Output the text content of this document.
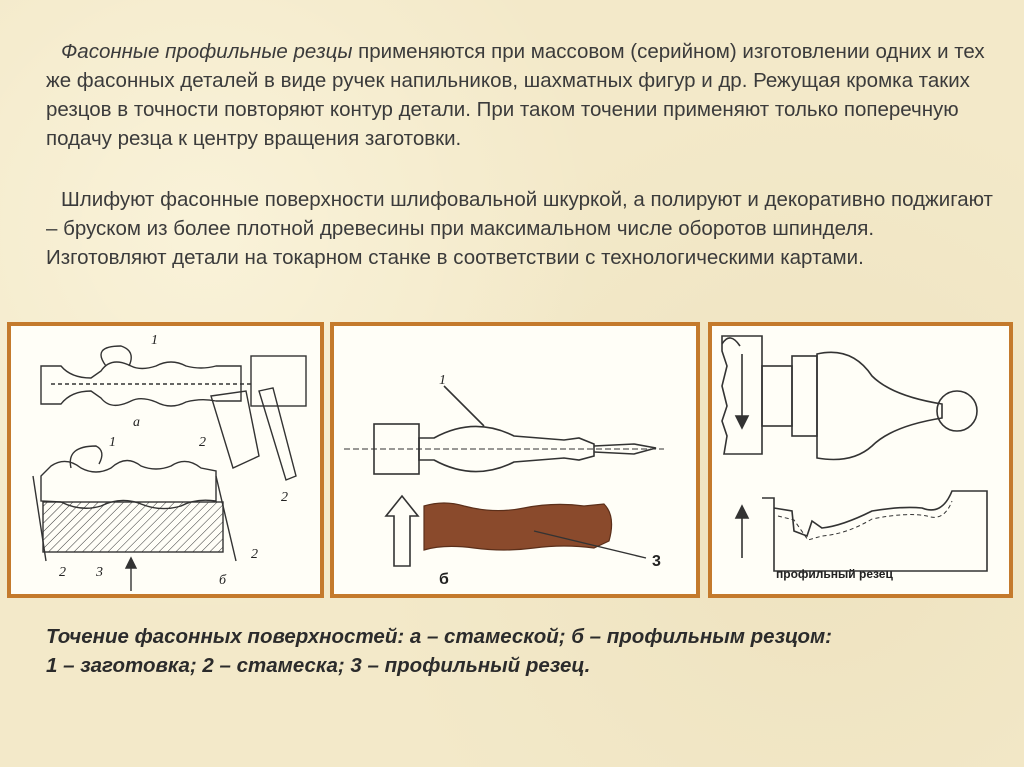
Фасонные профильные резцы применяются при массовом (серийном) изготовлении одних и тех же фасонных деталей в виде ручек напильников, шахматных фигур и др. Режущая кромка таких резцов в точности повторяют контур детали. При таком точении применяют только поперечную подачу резца к центру вращения заготовки.

Шлифуют фасонные поверхности шлифовальной шкуркой, а полируют и декоративно поджигают – бруском из более плотной древесины при максимальном числе оборотов шпинделя. Изготовляют детали на токарном станке в соответствии с технологическими картами.

1
а
2
2
1
2 3
б
2
1
б
3
профильный резец

Точение фасонных поверхностей: а – стамеской; б – профильным резцом:

1 – заготовка; 2 – стамеска; 3 – профильный резец.
